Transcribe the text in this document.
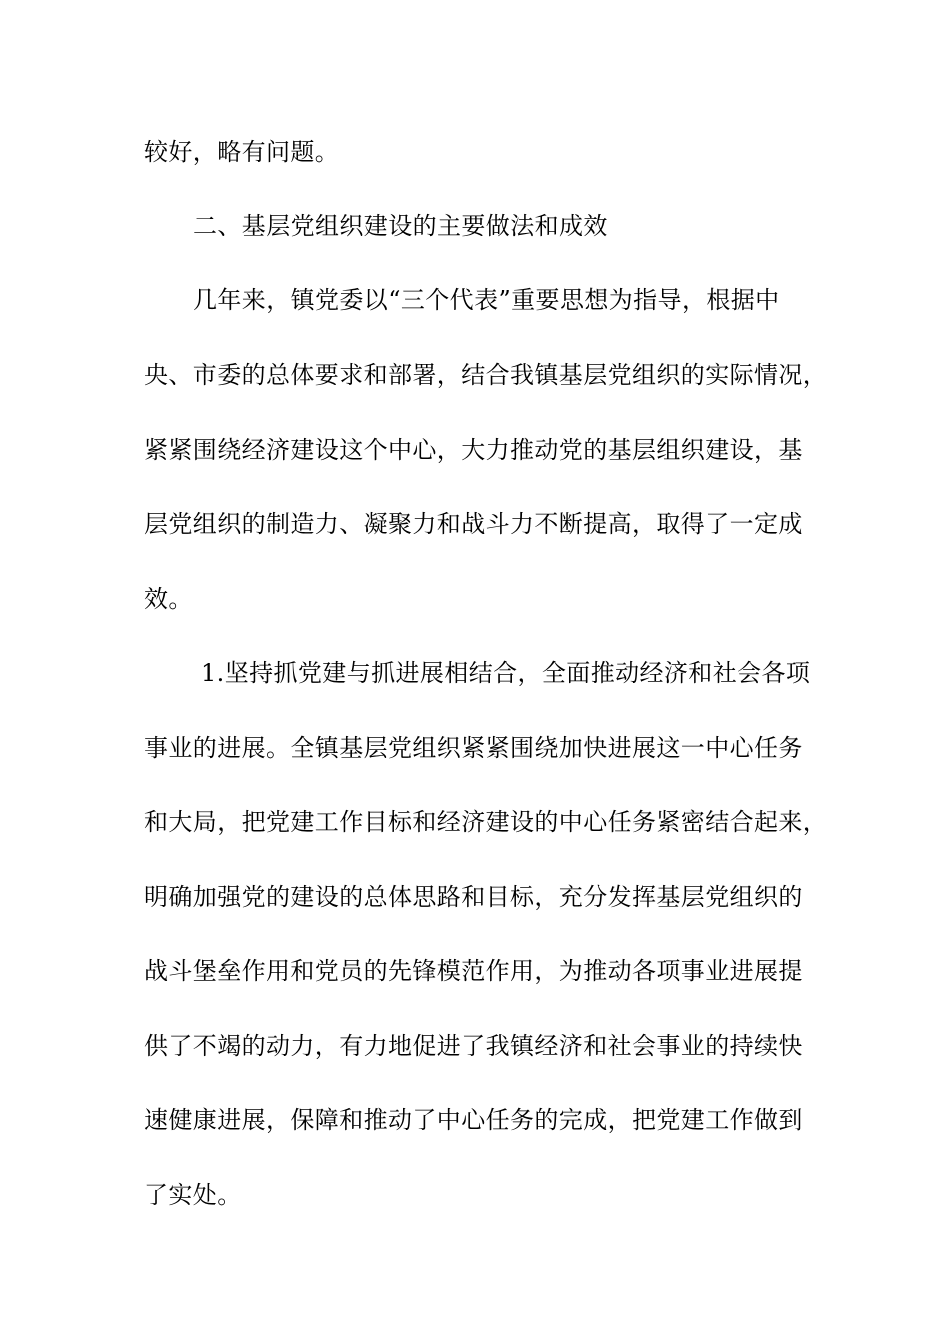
较好，略有问题。
二、基层党组织建设的主要做法和成效
几年来，镇党委以“三个代表”重要思想为指导，根据中
央、市委的总体要求和部署，结合我镇基层党组织的实际情况，
紧紧围绕经济建设这个中心，大力推动党的基层组织建设，基
层党组织的制造力、凝聚力和战斗力不断提高，取得了一定成
效。
1.坚持抓党建与抓进展相结合，全面推动经济和社会各项
事业的进展。全镇基层党组织紧紧围绕加快进展这一中心任务
和大局，把党建工作目标和经济建设的中心任务紧密结合起来，
明确加强党的建设的总体思路和目标，充分发挥基层党组织的
战斗堡垒作用和党员的先锋模范作用，为推动各项事业进展提
供了不竭的动力，有力地促进了我镇经济和社会事业的持续快
速健康进展，保障和推动了中心任务的完成，把党建工作做到
了实处。
